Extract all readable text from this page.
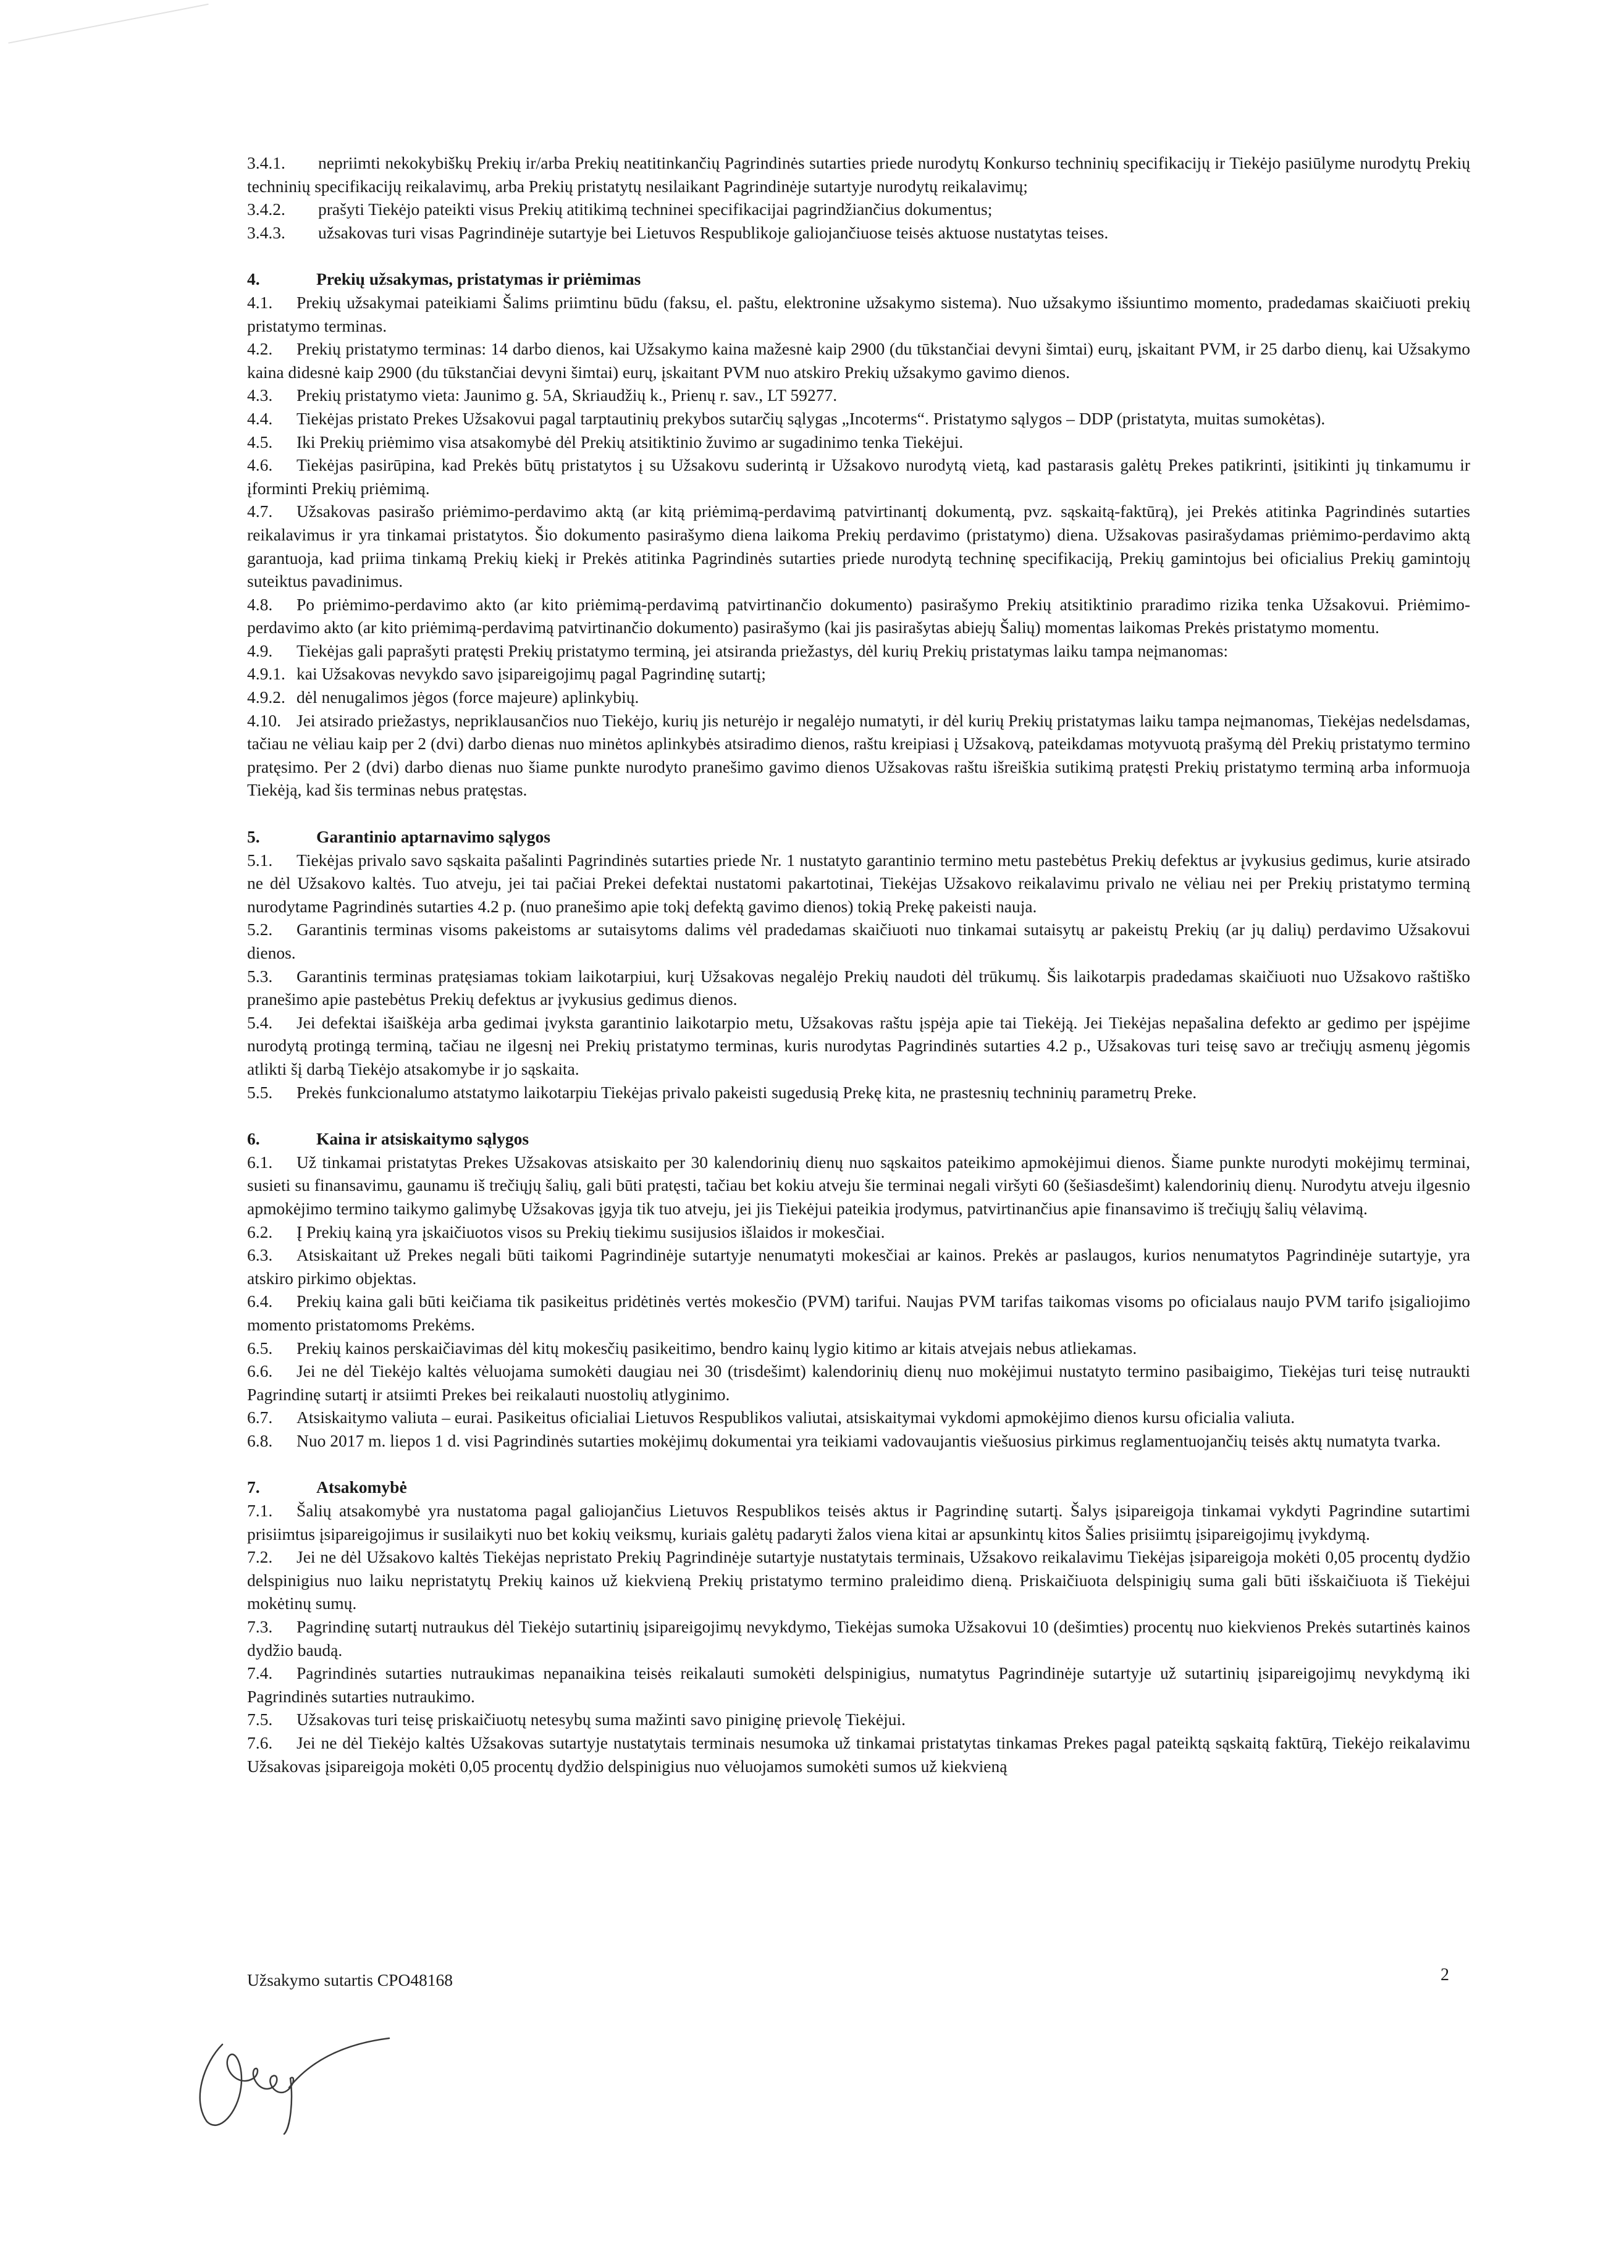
3.4.1. nepriimti nekokybiškų Prekių ir/arba Prekių neatitinkančių Pagrindinės sutarties priede nurodytų Konkurso techninių specifikacijų ir Tiekėjo pasiūlyme nurodytų Prekių techninių specifikacijų reikalavimų, arba Prekių pristatytų nesilaikant Pagrindinėje sutartyje nurodytų reikalavimų;

3.4.2. prašyti Tiekėjo pateikti visus Prekių atitikimą techninei specifikacijai pagrindžiančius dokumentus;

3.4.3. užsakovas turi visas Pagrindinėje sutartyje bei Lietuvos Respublikoje galiojančiuose teisės aktuose nustatytas teises.

4.	Prekių užsakymas, pristatymas ir priėmimas

4.1. Prekių užsakymai pateikiami Šalims priimtinu būdu (faksu, el. paštu, elektronine užsakymo sistema). Nuo užsakymo išsiuntimo momento, pradedamas skaičiuoti prekių pristatymo terminas.

4.2. Prekių pristatymo terminas: 14 darbo dienos, kai Užsakymo kaina mažesnė kaip 2900 (du tūkstančiai devyni šimtai) eurų, įskaitant PVM, ir 25 darbo dienų, kai Užsakymo kaina didesnė kaip 2900 (du tūkstančiai devyni šimtai) eurų, įskaitant PVM nuo atskiro Prekių užsakymo gavimo dienos.

4.3. Prekių pristatymo vieta: Jaunimo g. 5A, Skriaudžių k., Prienų r. sav., LT 59277.

4.4. Tiekėjas pristato Prekes Užsakovui pagal tarptautinių prekybos sutarčių sąlygas „Incoterms“. Pristatymo sąlygos – DDP (pristatyta, muitas sumokėtas).

4.5. Iki Prekių priėmimo visa atsakomybė dėl Prekių atsitiktinio žuvimo ar sugadinimo tenka Tiekėjui.

4.6. Tiekėjas pasirūpina, kad Prekės būtų pristatytos į su Užsakovu suderintą ir Užsakovo nurodytą vietą, kad pastarasis galėtų Prekes patikrinti, įsitikinti jų tinkamumu ir įforminti Prekių priėmimą.

4.7. Užsakovas pasirašo priėmimo-perdavimo aktą (ar kitą priėmimą-perdavimą patvirtinantį dokumentą, pvz. sąskaitą-faktūrą), jei Prekės atitinka Pagrindinės sutarties reikalavimus ir yra tinkamai pristatytos. Šio dokumento pasirašymo diena laikoma Prekių perdavimo (pristatymo) diena. Užsakovas pasirašydamas priėmimo-perdavimo aktą garantuoja, kad priima tinkamą Prekių kiekį ir Prekės atitinka Pagrindinės sutarties priede nurodytą techninę specifikaciją, Prekių gamintojus bei oficialius Prekių gamintojų suteiktus pavadinimus.

4.8. Po priėmimo-perdavimo akto (ar kito priėmimą-perdavimą patvirtinančio dokumento) pasirašymo Prekių atsitiktinio praradimo rizika tenka Užsakovui. Priėmimo-perdavimo akto (ar kito priėmimą-perdavimą patvirtinančio dokumento) pasirašymo (kai jis pasirašytas abiejų Šalių) momentas laikomas Prekės pristatymo momentu.

4.9. Tiekėjas gali paprašyti pratęsti Prekių pristatymo terminą, jei atsiranda priežastys, dėl kurių Prekių pristatymas laiku tampa neįmanomas:

4.9.1. kai Užsakovas nevykdo savo įsipareigojimų pagal Pagrindinę sutartį;

4.9.2. dėl nenugalimos jėgos (force majeure) aplinkybių.

4.10. Jei atsirado priežastys, nepriklausančios nuo Tiekėjo, kurių jis neturėjo ir negalėjo numatyti, ir dėl kurių Prekių pristatymas laiku tampa neįmanomas, Tiekėjas nedelsdamas, tačiau ne vėliau kaip per 2 (dvi) darbo dienas nuo minėtos aplinkybės atsiradimo dienos, raštu kreipiasi į Užsakovą, pateikdamas motyvuotą prašymą dėl Prekių pristatymo termino pratęsimo. Per 2 (dvi) darbo dienas nuo šiame punkte nurodyto pranešimo gavimo dienos Užsakovas raštu išreiškia sutikimą pratęsti Prekių pristatymo terminą arba informuoja Tiekėją, kad šis terminas nebus pratęstas.

5.	Garantinio aptarnavimo sąlygos

5.1. Tiekėjas privalo savo sąskaita pašalinti Pagrindinės sutarties priede Nr. 1 nustatyto garantinio termino metu pastebėtus Prekių defektus ar įvykusius gedimus, kurie atsirado ne dėl Užsakovo kaltės. Tuo atveju, jei tai pačiai Prekei defektai nustatomi pakartotinai, Tiekėjas Užsakovo reikalavimu privalo ne vėliau nei per Prekių pristatymo terminą nurodytame Pagrindinės sutarties 4.2 p. (nuo pranešimo apie tokį defektą gavimo dienos) tokią Prekę pakeisti nauja.

5.2. Garantinis terminas visoms pakeistoms ar sutaisytoms dalims vėl pradedamas skaičiuoti nuo tinkamai sutaisytų ar pakeistų Prekių (ar jų dalių) perdavimo Užsakovui dienos.

5.3. Garantinis terminas pratęsiamas tokiam laikotarpiui, kurį Užsakovas negalėjo Prekių naudoti dėl trūkumų. Šis laikotarpis pradedamas skaičiuoti nuo Užsakovo raštiško pranešimo apie pastebėtus Prekių defektus ar įvykusius gedimus dienos.

5.4. Jei defektai išaiškėja arba gedimai įvyksta garantinio laikotarpio metu, Užsakovas raštu įspėja apie tai Tiekėją. Jei Tiekėjas nepašalina defekto ar gedimo per įspėjime nurodytą protingą terminą, tačiau ne ilgesnį nei Prekių pristatymo terminas, kuris nurodytas Pagrindinės sutarties 4.2 p., Užsakovas turi teisę savo ar trečiųjų asmenų jėgomis atlikti šį darbą Tiekėjo atsakomybe ir jo sąskaita.

5.5. Prekės funkcionalumo atstatymo laikotarpiu Tiekėjas privalo pakeisti sugedusią Prekę kita, ne prastesnių techninių parametrų Preke.

6.	Kaina ir atsiskaitymo sąlygos

6.1. Už tinkamai pristatytas Prekes Užsakovas atsiskaito per 30 kalendorinių dienų nuo sąskaitos pateikimo apmokėjimui dienos. Šiame punkte nurodyti mokėjimų terminai, susieti su finansavimu, gaunamu iš trečiųjų šalių, gali būti pratęsti, tačiau bet kokiu atveju šie terminai negali viršyti 60 (šešiasdešimt) kalendorinių dienų. Nurodytu atveju ilgesnio apmokėjimo termino taikymo galimybę Užsakovas įgyja tik tuo atveju, jei jis Tiekėjui pateikia įrodymus, patvirtinančius apie finansavimo iš trečiųjų šalių vėlavimą.

6.2. Į Prekių kainą yra įskaičiuotos visos su Prekių tiekimu susijusios išlaidos ir mokesčiai.

6.3. Atsiskaitant už Prekes negali būti taikomi Pagrindinėje sutartyje nenumatyti mokesčiai ar kainos. Prekės ar paslaugos, kurios nenumatytos Pagrindinėje sutartyje, yra atskiro pirkimo objektas.

6.4. Prekių kaina gali būti keičiama tik pasikeitus pridėtinės vertės mokesčio (PVM) tarifui. Naujas PVM tarifas taikomas visoms po oficialaus naujo PVM tarifo įsigaliojimo momento pristatomoms Prekėms.

6.5. Prekių kainos perskaičiavimas dėl kitų mokesčių pasikeitimo, bendro kainų lygio kitimo ar kitais atvejais nebus atliekamas.

6.6. Jei ne dėl Tiekėjo kaltės vėluojama sumokėti daugiau nei 30 (trisdešimt) kalendorinių dienų nuo mokėjimui nustatyto termino pasibaigimo, Tiekėjas turi teisę nutraukti Pagrindinę sutartį ir atsiimti Prekes bei reikalauti nuostolių atlyginimo.

6.7. Atsiskaitymo valiuta – eurai. Pasikeitus oficialiai Lietuvos Respublikos valiutai, atsiskaitymai vykdomi apmokėjimo dienos kursu oficialia valiuta.

6.8. Nuo 2017 m. liepos 1 d. visi Pagrindinės sutarties mokėjimų dokumentai yra teikiami vadovaujantis viešuosius pirkimus reglamentuojančių teisės aktų numatyta tvarka.

7.	Atsakomybė

7.1. Šalių atsakomybė yra nustatoma pagal galiojančius Lietuvos Respublikos teisės aktus ir Pagrindinę sutartį. Šalys įsipareigoja tinkamai vykdyti Pagrindine sutartimi prisiimtus įsipareigojimus ir susilaikyti nuo bet kokių veiksmų, kuriais galėtų padaryti žalos viena kitai ar apsunkintų kitos Šalies prisiimtų įsipareigojimų įvykdymą.

7.2. Jei ne dėl Užsakovo kaltės Tiekėjas nepristato Prekių Pagrindinėje sutartyje nustatytais terminais, Užsakovo reikalavimu Tiekėjas įsipareigoja mokėti 0,05 procentų dydžio delspinigius nuo laiku nepristatytų Prekių kainos už kiekvieną Prekių pristatymo termino praleidimo dieną. Priskaičiuota delspinigių suma gali būti išskaičiuota iš Tiekėjui mokėtinų sumų.

7.3. Pagrindinę sutartį nutraukus dėl Tiekėjo sutartinių įsipareigojimų nevykdymo, Tiekėjas sumoka Užsakovui 10 (dešimties) procentų nuo kiekvienos Prekės sutartinės kainos dydžio baudą.

7.4. Pagrindinės sutarties nutraukimas nepanaikina teisės reikalauti sumokėti delspinigius, numatytus Pagrindinėje sutartyje už sutartinių įsipareigojimų nevykdymą iki Pagrindinės sutarties nutraukimo.

7.5. Užsakovas turi teisę priskaičiuotų netesybų suma mažinti savo piniginę prievolę Tiekėjui.

7.6. Jei ne dėl Tiekėjo kaltės Užsakovas sutartyje nustatytais terminais nesumoka už tinkamai pristatytas tinkamas Prekes pagal pateiktą sąskaitą faktūrą, Tiekėjo reikalavimu Užsakovas įsipareigoja mokėti 0,05 procentų dydžio delspinigius nuo vėluojamos sumokėti sumos už kiekvieną

Užsakymo sutartis CPO48168	2
